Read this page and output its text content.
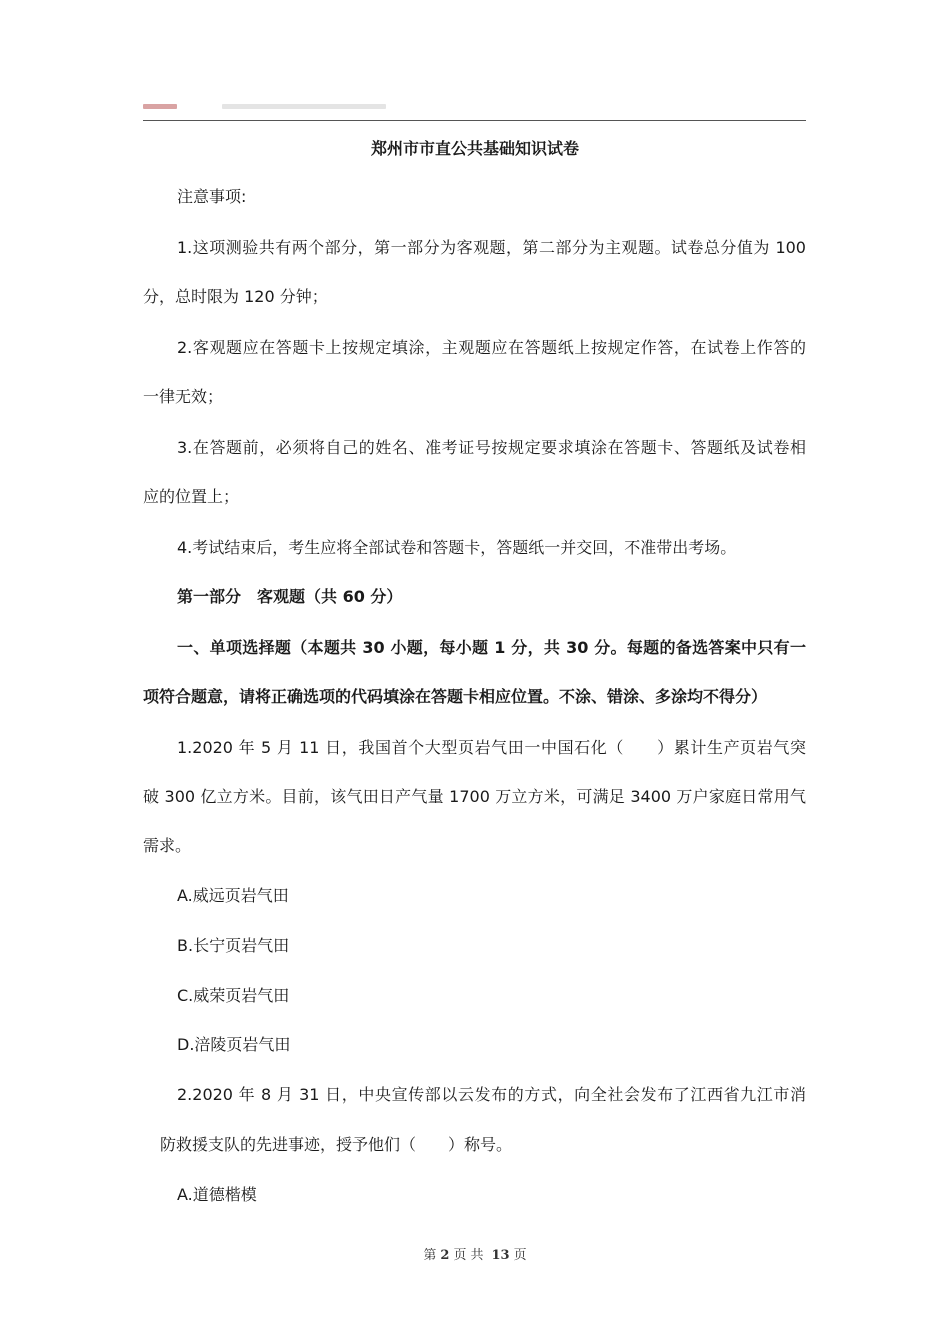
郑州市市直公共基础知识试卷
注意事项:
1.这项测验共有两个部分，第一部分为客观题，第二部分为主观题。试卷总分值为 100
分，总时限为 120 分钟；
2.客观题应在答题卡上按规定填涂，主观题应在答题纸上按规定作答，在试卷上作答的
一律无效；
3.在答题前，必须将自己的姓名、准考证号按规定要求填涂在答题卡、答题纸及试卷相
应的位置上；
4.考试结束后，考生应将全部试卷和答题卡，答题纸一并交回，不准带出考场。
第一部分　客观题（共 60 分）
一、单项选择题（本题共 30 小题，每小题 1 分，共 30 分。每题的备选答案中只有一
项符合题意，请将正确选项的代码填涂在答题卡相应位置。不涂、错涂、多涂均不得分）
1.2020 年 5 月 11 日，我国首个大型页岩气田一中国石化（　　）累计生产页岩气突
破 300 亿立方米。目前，该气田日产气量 1700 万立方米，可满足 3400 万户家庭日常用气
需求。
A.威远页岩气田
B.长宁页岩气田
C.威荣页岩气田
D.涪陵页岩气田
2.2020 年 8 月 31 日，中央宣传部以云发布的方式，向全社会发布了江西省九江市消
防救援支队的先进事迹，授予他们（　　）称号。
A.道德楷模
第 2 页 共 13 页
